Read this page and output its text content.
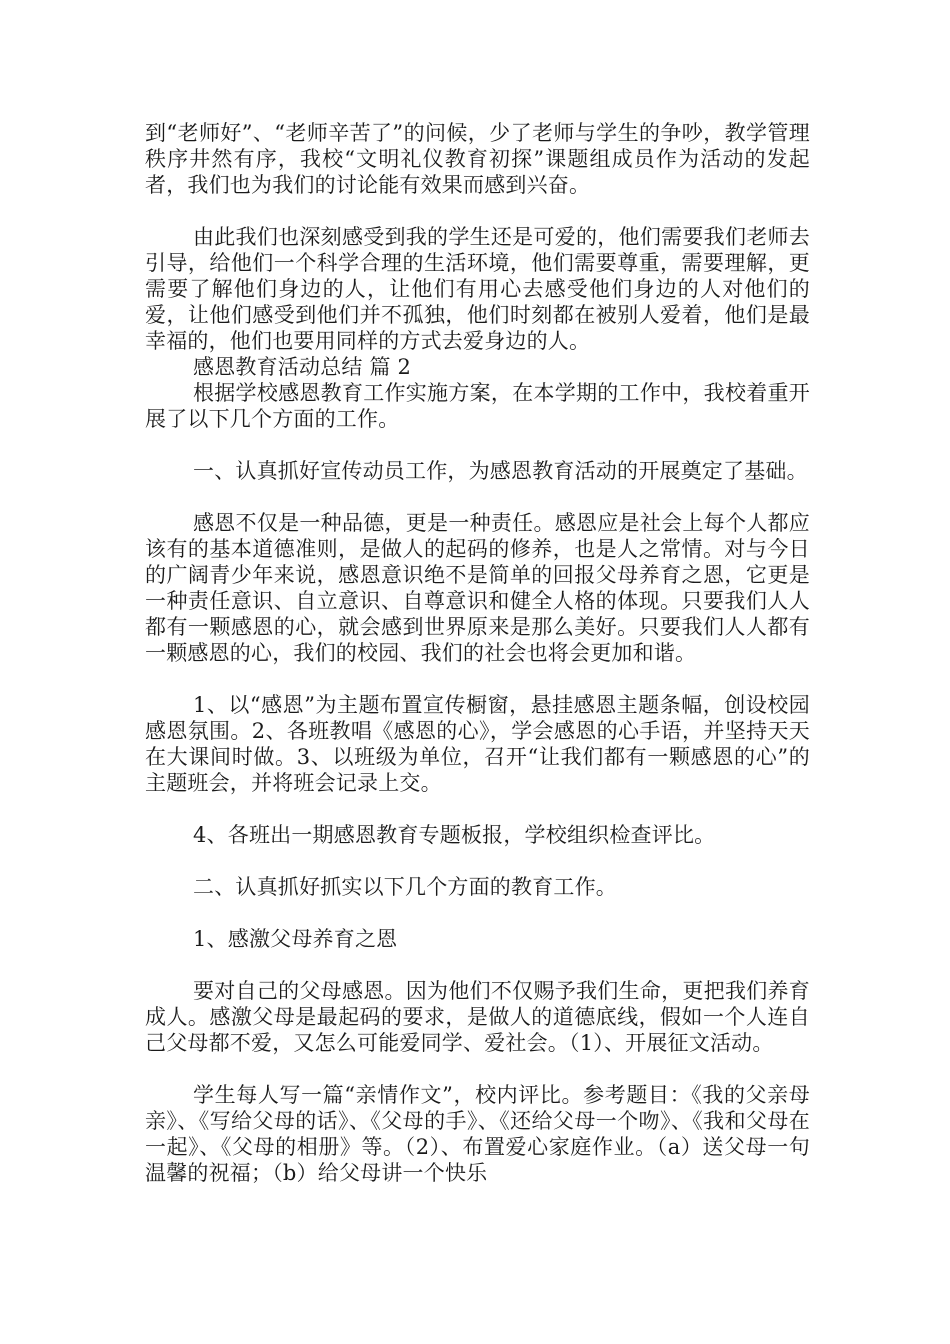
到“老师好”、“老师辛苦了”的问候，少了老师与学生的争吵，教学管理秩序井然有序，我校“文明礼仪教育初探”课题组成员作为活动的发起者，我们也为我们的讨论能有效果而感到兴奋。

由此我们也深刻感受到我的学生还是可爱的，他们需要我们老师去引导，给他们一个科学合理的生活环境，他们需要尊重，需要理解，更需要了解他们身边的人，让他们有用心去感受他们身边的人对他们的爱，让他们感受到他们并不孤独，他们时刻都在被别人爱着，他们是最幸福的，他们也要用同样的方式去爱身边的人。

感恩教育活动总结 篇 2

根据学校感恩教育工作实施方案，在本学期的工作中，我校着重开展了以下几个方面的工作。

一、认真抓好宣传动员工作，为感恩教育活动的开展奠定了基础。

感恩不仅是一种品德，更是一种责任。感恩应是社会上每个人都应该有的基本道德准则，是做人的起码的修养，也是人之常情。对与今日的广阔青少年来说，感恩意识绝不是简单的回报父母养育之恩，它更是一种责任意识、自立意识、自尊意识和健全人格的体现。只要我们人人都有一颗感恩的心，就会感到世界原来是那么美好。只要我们人人都有一颗感恩的心，我们的校园、我们的社会也将会更加和谐。

1、以“感恩”为主题布置宣传橱窗，悬挂感恩主题条幅，创设校园感恩氛围。2、各班教唱《感恩的心》，学会感恩的心手语，并坚持天天在大课间时做。3、以班级为单位，召开“让我们都有一颗感恩的心”的主题班会，并将班会记录上交。

4、各班出一期感恩教育专题板报，学校组织检查评比。

二、认真抓好抓实以下几个方面的教育工作。

1、感激父母养育之恩

要对自己的父母感恩。因为他们不仅赐予我们生命，更把我们养育成人。感激父母是最起码的要求，是做人的道德底线，假如一个人连自己父母都不爱，又怎么可能爱同学、爱社会。（1）、开展征文活动。

学生每人写一篇“亲情作文”，校内评比。参考题目：《我的父亲母亲》、《写给父母的话》、《父母的手》、《还给父母一个吻》、《我和父母在一起》、《父母的相册》等。（2）、布置爱心家庭作业。（a）送父母一句温馨的祝福；（b）给父母讲一个快乐
